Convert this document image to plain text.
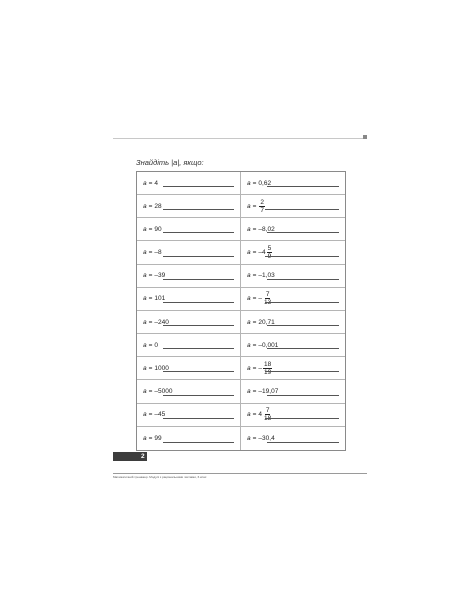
Знайдіть |a|, якщо:
a = 4	a = 0,62
a = 28	$a = \frac{2}{7}$
a = 90	a = –8,02
a = –8	$a = -4 \frac{5}{9}$
a = –39	a = –1,03
a = 101	a = – $\frac{7}{13}$
a = –240	a = 20,71
a = 0	a = –0,001
a = 1000	a = – $\frac{18}{19}$
a = –5000	a = –19,07
a = –45	$a = 4 \frac{7}{18}$
a = 99	a = –30,4
2
Математичний тренажер. Модулі з раціональними числами, 6 клас
